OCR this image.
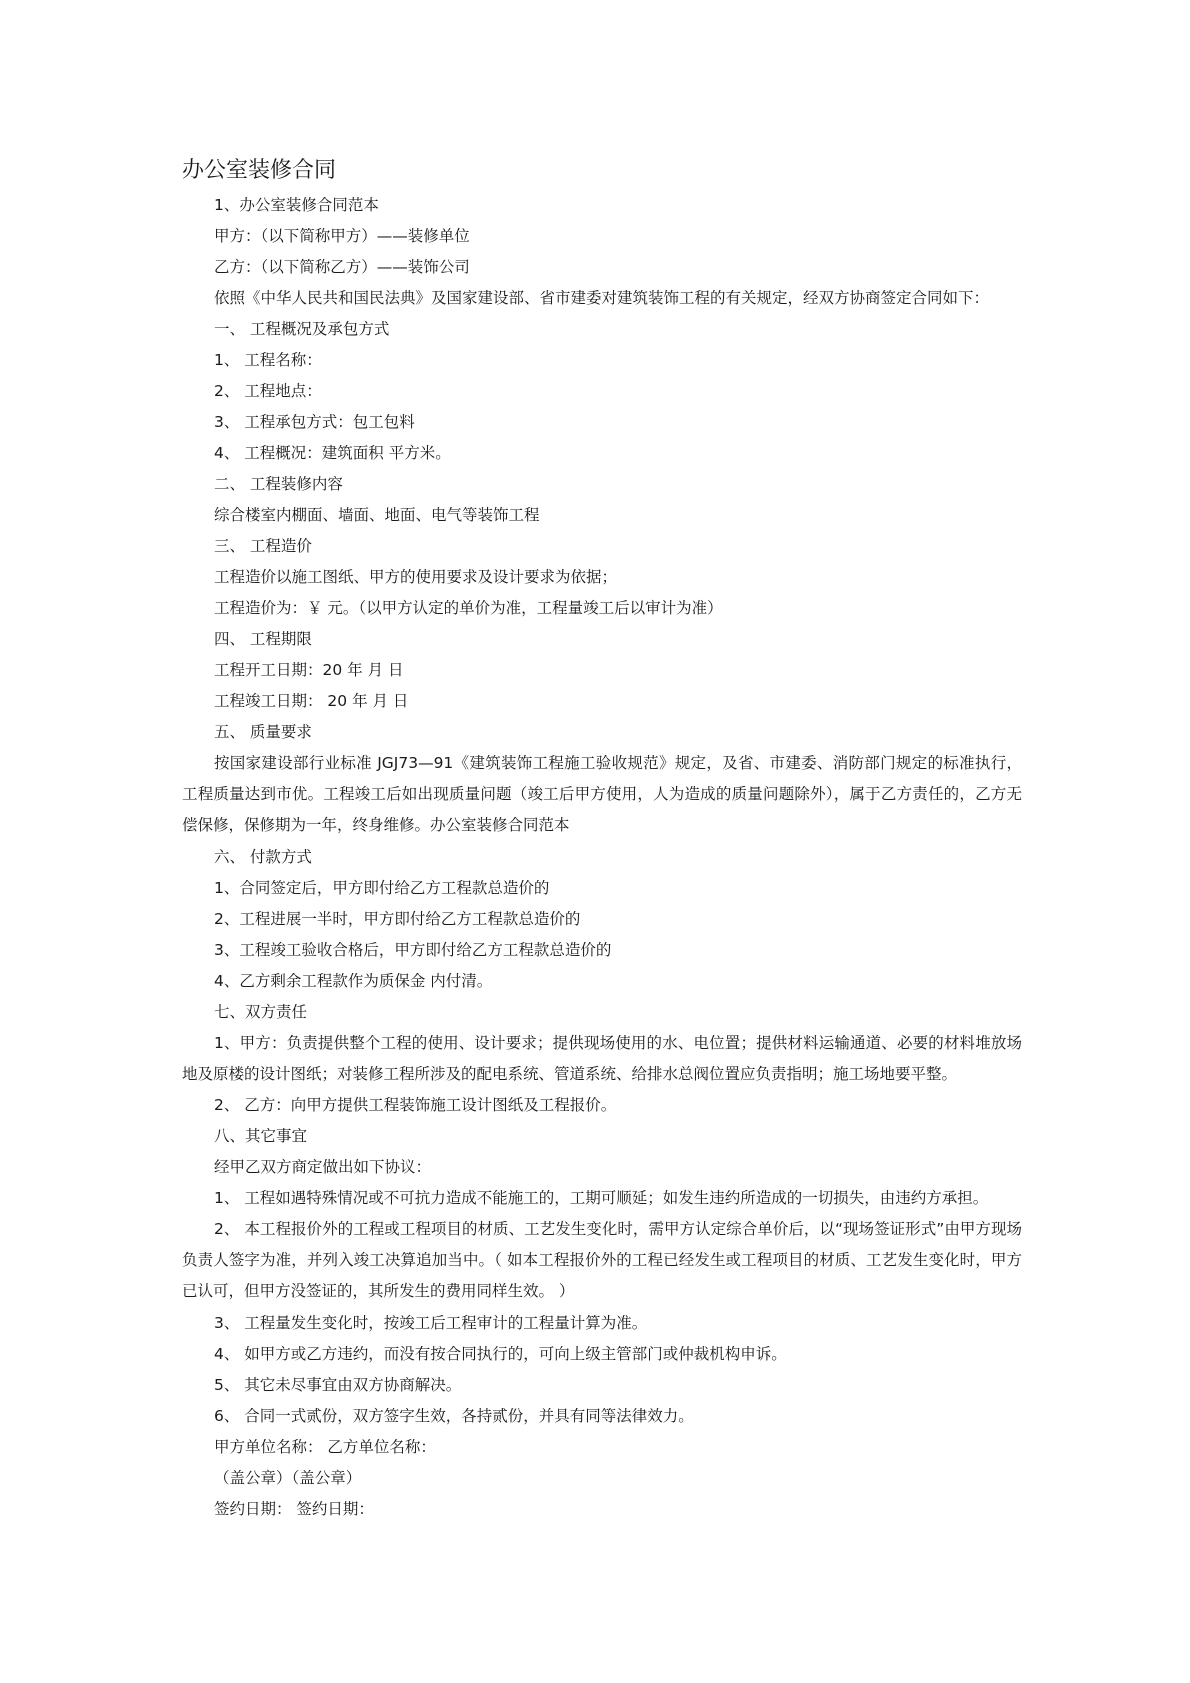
办公室装修合同
1、办公室装修合同范本
甲方：（以下简称甲方）——装修单位
乙方：（以下简称乙方）——装饰公司
依照《中华人民共和国民法典》及国家建设部、省市建委对建筑装饰工程的有关规定，经双方协商签定合同如下：
一、 工程概况及承包方式
1、 工程名称：
2、 工程地点：
3、 工程承包方式：包工包料
4、 工程概况：建筑面积 平方米。
二、 工程装修内容
综合楼室内棚面、墙面、地面、电气等装饰工程
三、 工程造价
工程造价以施工图纸、甲方的使用要求及设计要求为依据；
工程造价为：￥ 元。（以甲方认定的单价为准，工程量竣工后以审计为准）
四、 工程期限
工程开工日期：20 年 月 日
工程竣工日期： 20 年 月 日
五、 质量要求

按国家建设部行业标准 JGJ73—91《建筑装饰工程施工验收规范》规定，及省、市建委、消防部门规定的标准执行，工程质量达到市优。工程竣工后如出现质量问题（竣工后甲方使用，人为造成的质量问题除外），属于乙方责任的，乙方无偿保修，保修期为一年，终身维修。办公室装修合同范本

六、 付款方式
1、合同签定后，甲方即付给乙方工程款总造价的
2、工程进展一半时，甲方即付给乙方工程款总造价的
3、工程竣工验收合格后，甲方即付给乙方工程款总造价的
4、乙方剩余工程款作为质保金 内付清。
七、双方责任

1、甲方：负责提供整个工程的使用、设计要求；提供现场使用的水、电位置；提供材料运输通道、必要的材料堆放场地及原楼的设计图纸；对装修工程所涉及的配电系统、管道系统、给排水总阀位置应负责指明；施工场地要平整。

2、 乙方：向甲方提供工程装饰施工设计图纸及工程报价。
八、其它事宜
经甲乙双方商定做出如下协议：
1、 工程如遇特殊情况或不可抗力造成不能施工的，工期可顺延；如发生违约所造成的一切损失，由违约方承担。

2、 本工程报价外的工程或工程项目的材质、工艺发生变化时，需甲方认定综合单价后，以“现场签证形式”由甲方现场负责人签字为准，并列入竣工决算追加当中。（ 如本工程报价外的工程已经发生或工程项目的材质、工艺发生变化时，甲方已认可，但甲方没签证的，其所发生的费用同样生效。 ）

3、 工程量发生变化时，按竣工后工程审计的工程量计算为准。
4、 如甲方或乙方违约，而没有按合同执行的，可向上级主管部门或仲裁机构申诉。
5、 其它未尽事宜由双方协商解决。
6、 合同一式贰份，双方签字生效，各持贰份，并具有同等法律效力。
甲方单位名称： 乙方单位名称：
（盖公章）（盖公章）
签约日期： 签约日期：
